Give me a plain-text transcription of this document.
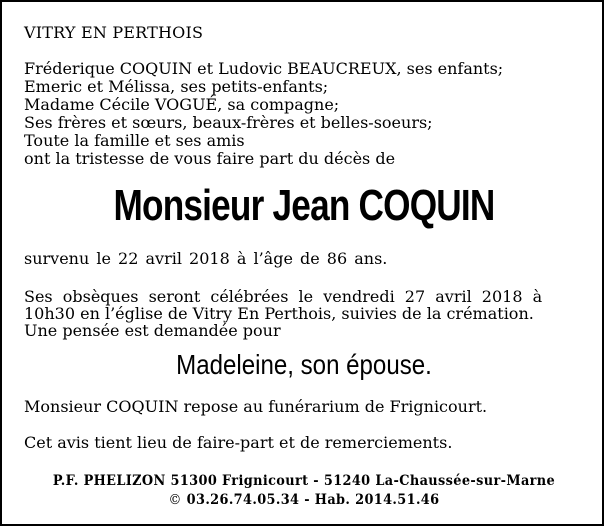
VITRY EN PERTHOIS
Fréderique COQUIN et Ludovic BEAUCREUX, ses enfants;
Emeric et Mélissa, ses petits-enfants;
Madame Cécile VOGUÉ, sa compagne;
Ses frères et sœurs, beaux-frères et belles-soeurs;
Toute la famille et ses amis
ont la tristesse de vous faire part du décès de
Monsieur Jean COQUIN
survenu le 22 avril 2018 à l’âge de 86 ans.
Ses obsèques seront célébrées le vendredi 27 avril 2018 à
10h30 en l’église de Vitry En Perthois, suivies de la crémation.
Une pensée est demandée pour
Madeleine, son épouse.
Monsieur COQUIN repose au funérarium de Frignicourt.
Cet avis tient lieu de faire-part et de remerciements.
P.F. PHELIZON 51300 Frignicourt - 51240 La-Chaussée-sur-Marne
© 03.26.74.05.34 - Hab. 2014.51.46
